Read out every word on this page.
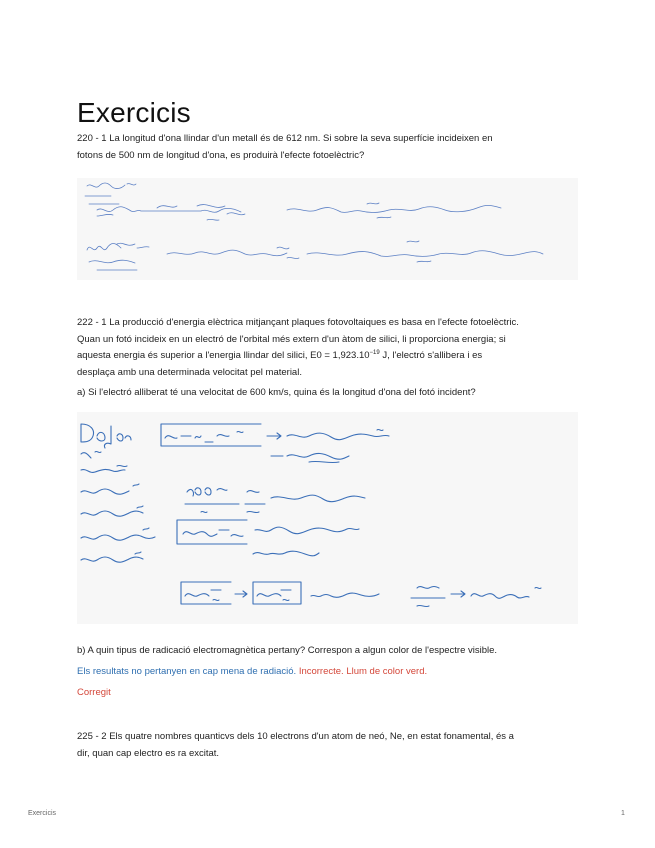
Exercicis
220 - 1 La longitud d'ona llindar d'un metall és de 612 nm. Si sobre la seva superfície incideixen en
fotons de 500 nm de longitud d'ona, es produirà l'efecte fotoelèctric?
222 - 1 La producció d'energia elèctrica mitjançant plaques fotovoltaiques es basa en l'efecte fotoelèctric.
Quan un fotó incideix en un electró de l'orbital més extern d'un àtom de silici, li proporciona energia; si
aquesta energia és superior a l'energia llindar del silici, $E0 = 1,923.10^{-19}$ J, l'electró s'allibera i es
desplaça amb una determinada velocitat pel material.
a) Si l'electró alliberat té una velocitat de 600 km/s, quina és la longitud d'ona del fotó incident?
b) A quin tipus de radicació electromagnètica pertany? Correspon a algun color de l'espectre visible.
Els resultats no pertanyen en cap mena de radiació. Incorrecte. Llum de color verd.
Corregit
225 - 2 Els quatre nombres quanticvs dels 10 electrons d'un atom de neó, Ne, en estat fonamental, és a
dir, quan cap electro es ra excitat.
Exercicis	1
